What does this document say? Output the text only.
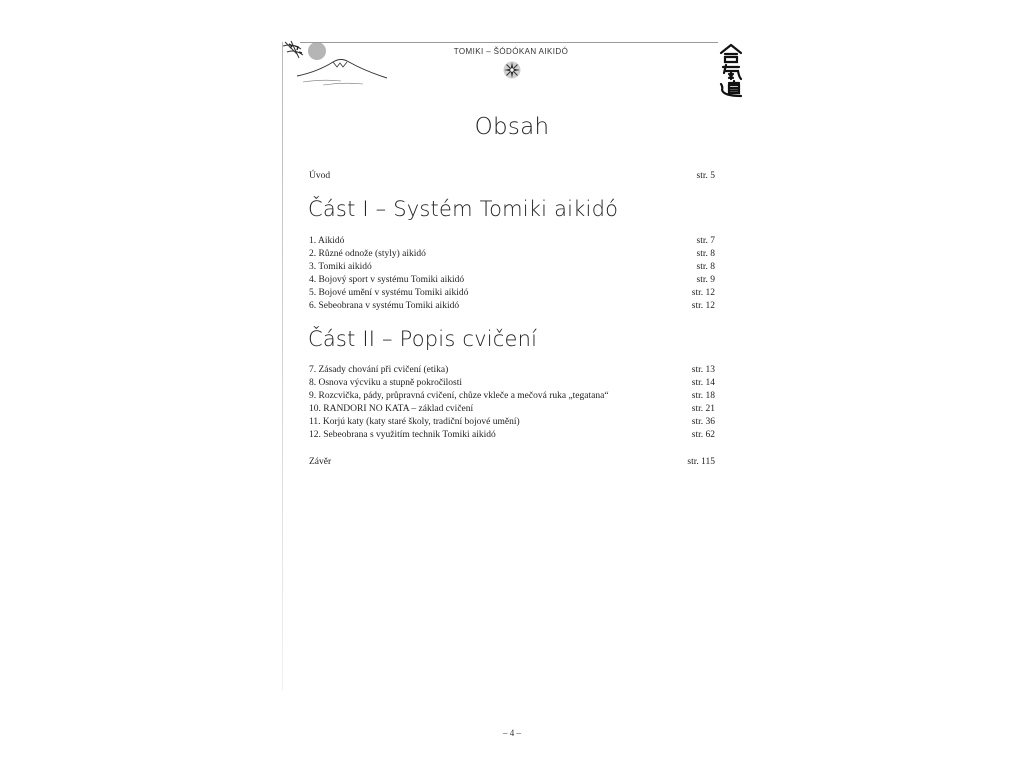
TOMIKI – ŠÓDÓKAN AIKIDÓ
Obsah
Úvod	str. 5
Část I – Systém Tomiki aikidó
1. Aikidó	str. 7
2. Různé odnože (styly) aikidó	str. 8
3. Tomiki aikidó	str. 8
4. Bojový sport v systému Tomiki aikidó	str. 9
5. Bojové umění v systému Tomiki aikidó	str. 12
6. Sebeobrana v systému Tomiki aikidó	str. 12
Část II – Popis cvičení
7. Zásady chování při cvičení (etika)	str. 13
8. Osnova výcviku a stupně pokročilosti	str. 14
9. Rozcvička, pády, průpravná cvičení, chůze vkleče a mečová ruka „tegatana“	str. 18
10. RANDORI NO KATA – základ cvičení	str. 21
11. Korjú katy (katy staré školy, tradiční bojové umění)	str. 36
12. Sebeobrana s využitím technik Tomiki aikidó	str. 62
Závěr	str. 115
– 4 –
